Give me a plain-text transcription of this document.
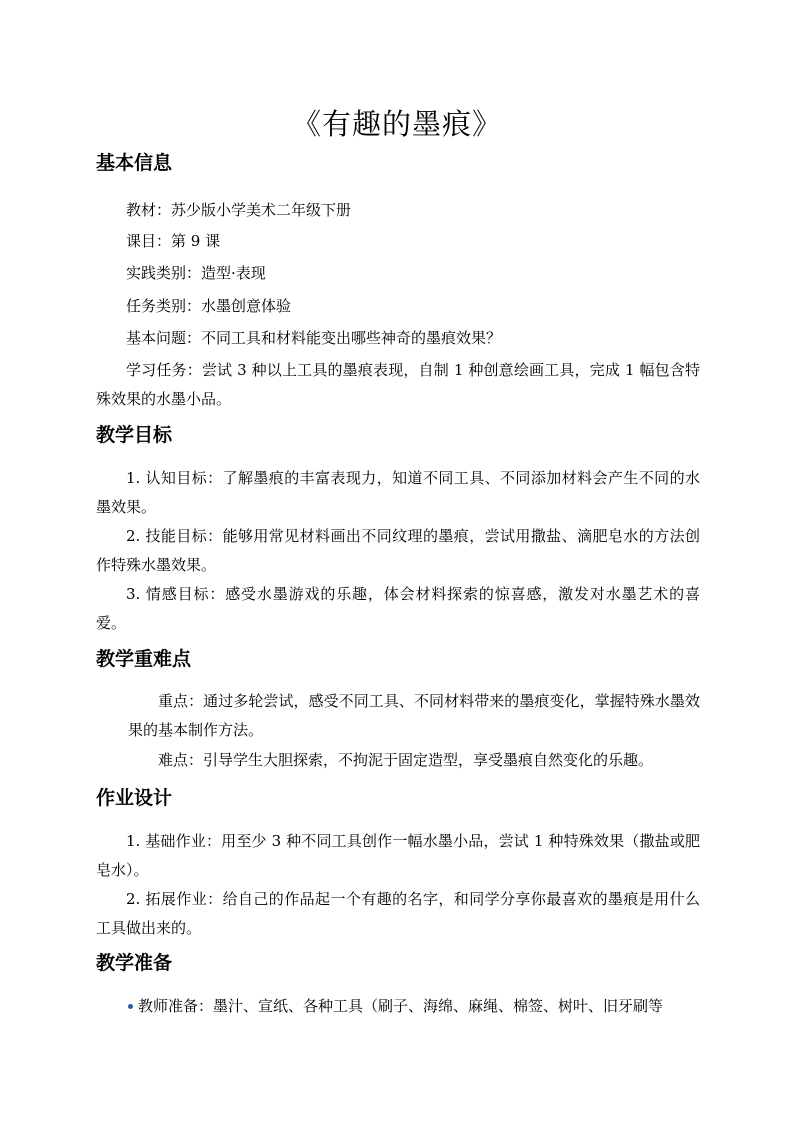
《有趣的墨痕》
基本信息
教材：苏少版小学美术二年级下册
课目：第 9 课
实践类别：造型·表现
任务类别：水墨创意体验
基本问题：不同工具和材料能变出哪些神奇的墨痕效果？
学习任务：尝试 3 种以上工具的墨痕表现，自制 1 种创意绘画工具，完成 1 幅包含特殊效果的水墨小品。
教学目标
1. 认知目标：了解墨痕的丰富表现力，知道不同工具、不同添加材料会产生不同的水墨效果。
2. 技能目标：能够用常见材料画出不同纹理的墨痕，尝试用撒盐、滴肥皂水的方法创作特殊水墨效果。
3. 情感目标：感受水墨游戏的乐趣，体会材料探索的惊喜感，激发对水墨艺术的喜爱。
教学重难点
重点：通过多轮尝试，感受不同工具、不同材料带来的墨痕变化，掌握特殊水墨效果的基本制作方法。
难点：引导学生大胆探索，不拘泥于固定造型，享受墨痕自然变化的乐趣。
作业设计
1. 基础作业：用至少 3 种不同工具创作一幅水墨小品，尝试 1 种特殊效果（撒盐或肥皂水）。
2. 拓展作业：给自己的作品起一个有趣的名字，和同学分享你最喜欢的墨痕是用什么工具做出来的。
教学准备
教师准备：墨汁、宣纸、各种工具（刷子、海绵、麻绳、棉签、树叶、旧牙刷等
